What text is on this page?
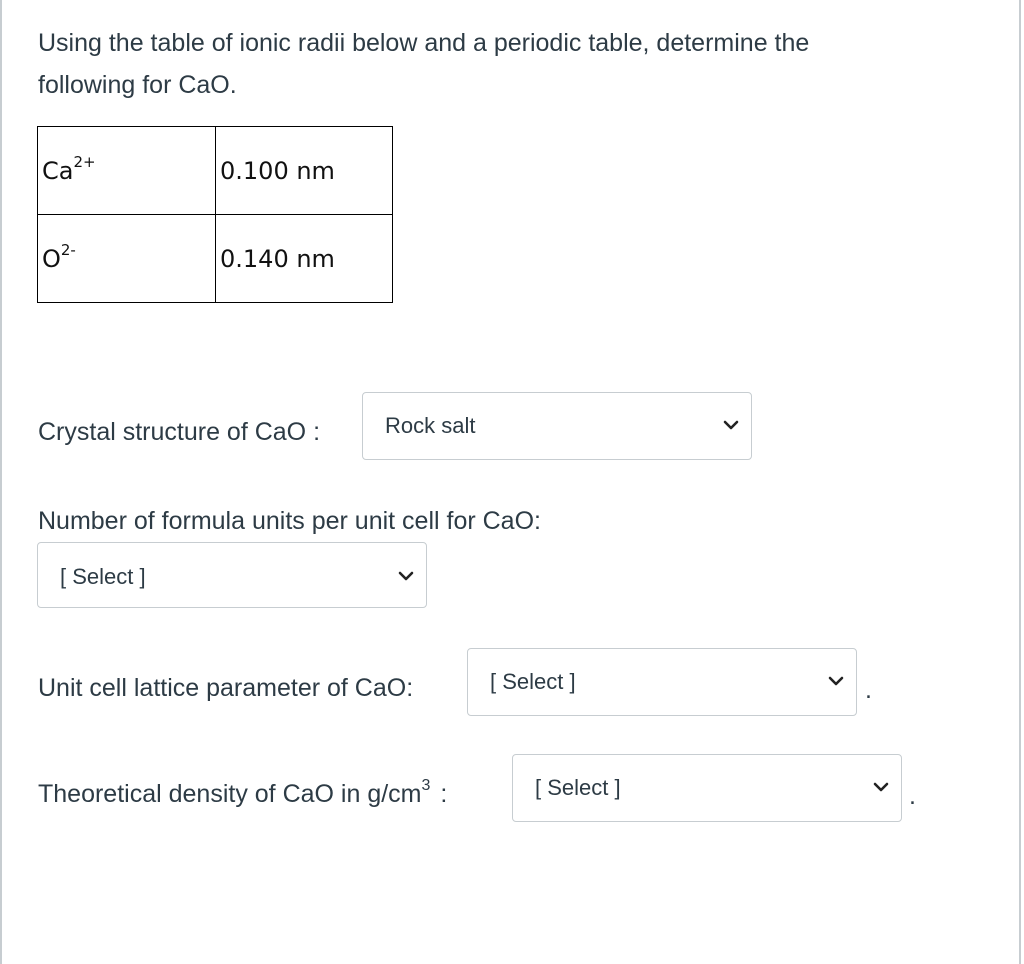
Using the table of ionic radii below and a periodic table, determine the
following for CaO.
$Ca^{2+}$	0.100 nm

$O^{2-}$	0.140 nm
Crystal structure of CaO :	Rock salt
Number of formula units per unit cell for CaO:
[ Select ]
Unit cell lattice parameter of CaO:	[ Select ]	.
Theoretical density of CaO in $g/cm^3$ :	[ Select ]	.
